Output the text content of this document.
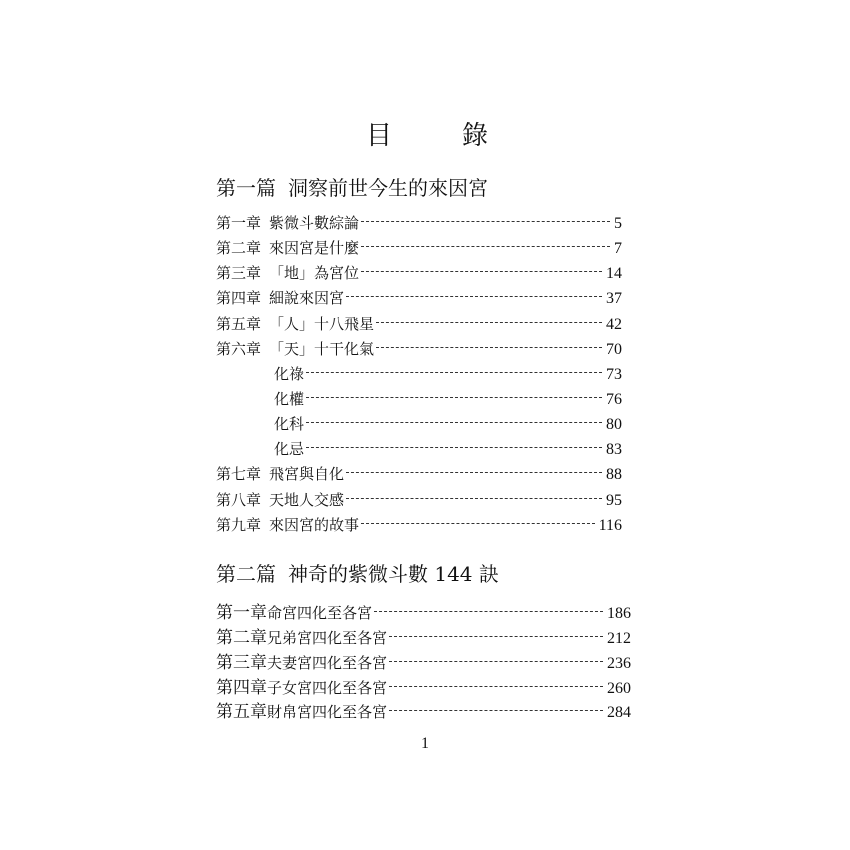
目	錄
第一篇 洞察前世今生的來因宮
第一章 紫微斗數綜論	5
第二章 來因宮是什麼	7
第三章 「地」為宮位	14
第四章 細說來因宮	37
第五章 「人」十八飛星	42
第六章 「天」十干化氣	70
化祿	73
化權	76
化科	80
化忌	83
第七章 飛宮與自化	88
第八章 天地人交感	95
第九章 來因宮的故事	116
第二篇 神奇的紫微斗數 144 訣
第一章 命宮四化至各宮	186
第二章 兄弟宮四化至各宮	212
第三章 夫妻宮四化至各宮	236
第四章 子女宮四化至各宮	260
第五章 財帛宮四化至各宮	284
1
